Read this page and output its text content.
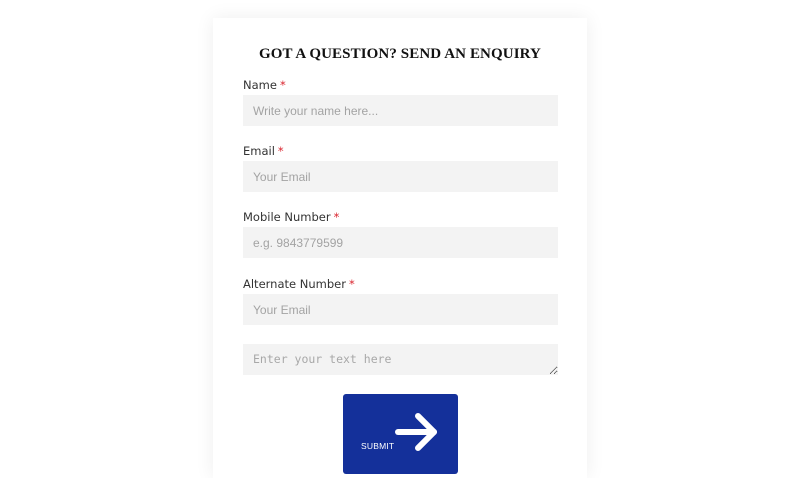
GOT A QUESTION? SEND AN ENQUIRY
Name *
Write your name here...
Email *
Your Email
Mobile Number *
e.g. 9843779599
Alternate Number *
Your Email
Enter your text here
SUBMIT
